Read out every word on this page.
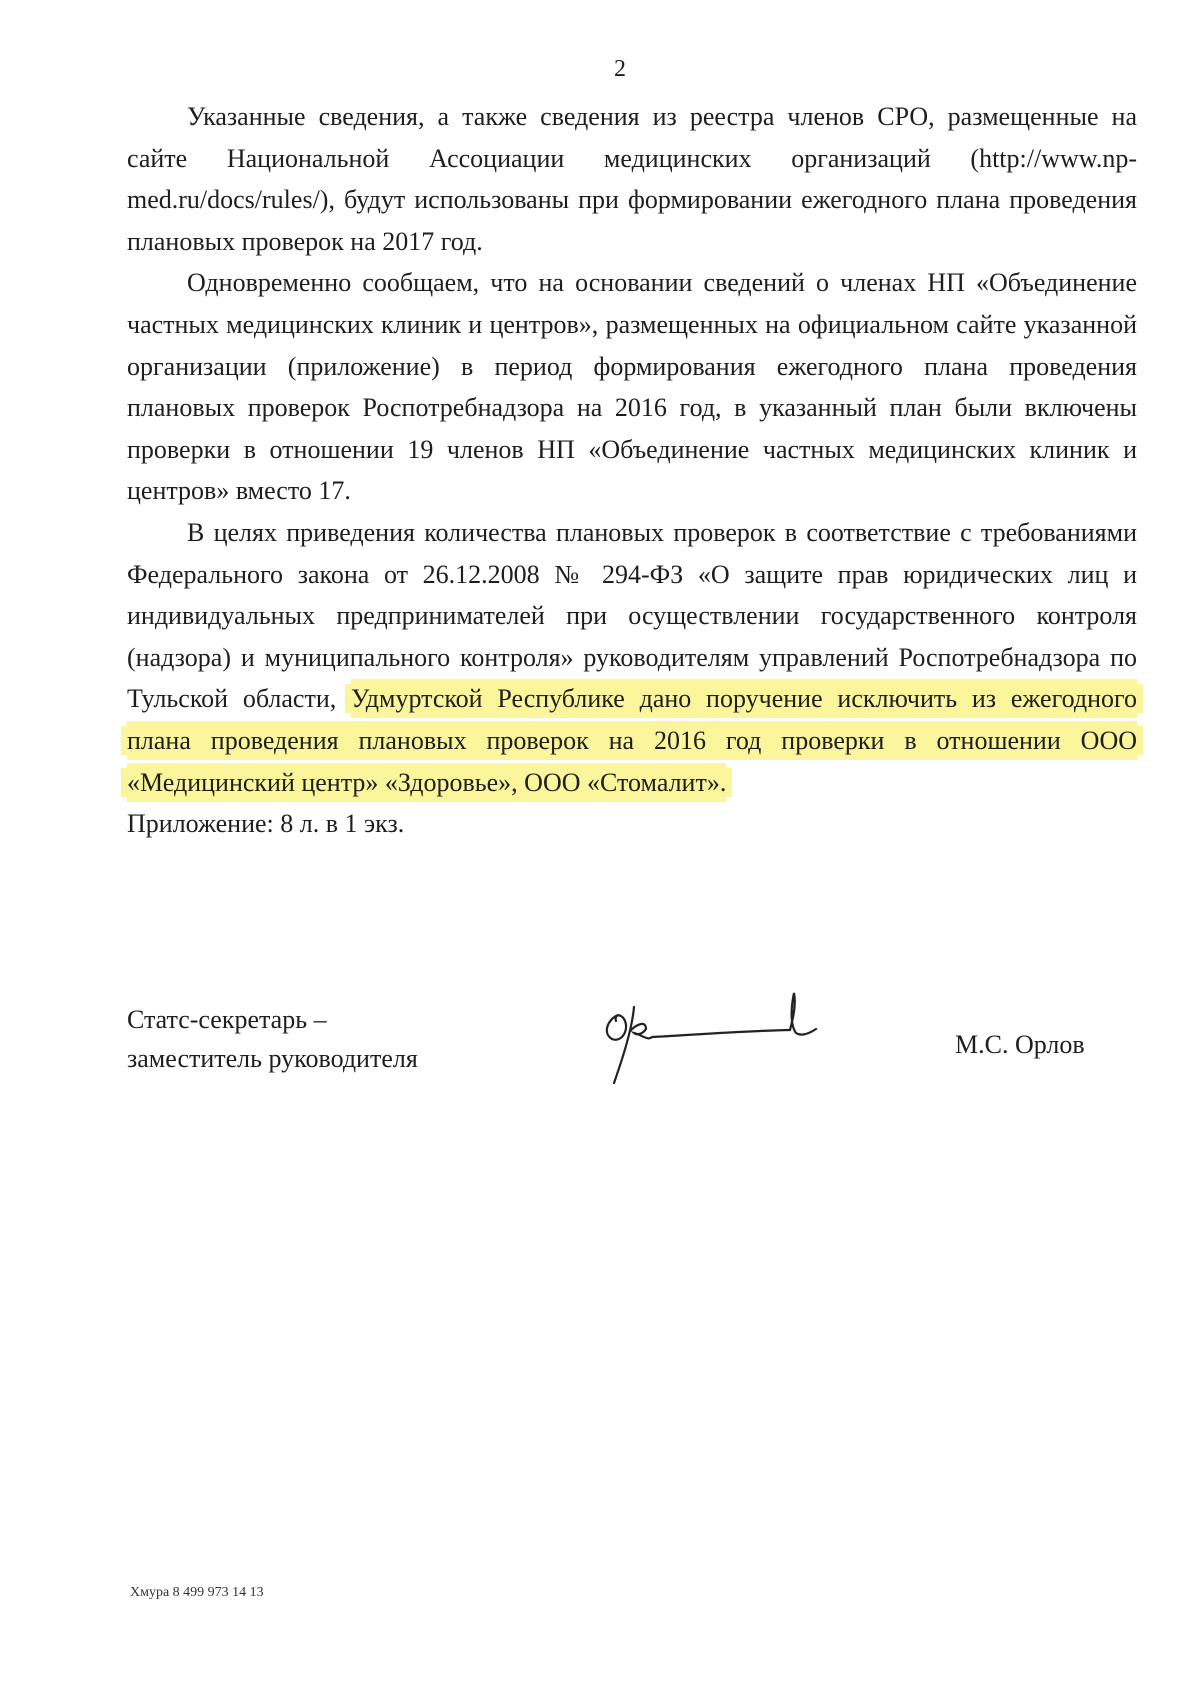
2

Указанные сведения, а также сведения из реестра членов СРО, размещенные на сайте Национальной Ассоциации медицинских организаций (http://www.np-med.ru/docs/rules/), будут использованы при формировании ежегодного плана проведения плановых проверок на 2017 год.

Одновременно сообщаем, что на основании сведений о членах НП «Объединение частных медицинских клиник и центров», размещенных на официальном сайте указанной организации (приложение) в период формирования ежегодного плана проведения плановых проверок Роспотребнадзора на 2016 год, в указанный план были включены проверки в отношении 19 членов НП «Объединение частных медицинских клиник и центров» вместо 17.

В целях приведения количества плановых проверок в соответствие с требованиями Федерального закона от 26.12.2008 № 294-ФЗ «О защите прав юридических лиц и индивидуальных предпринимателей при осуществлении государственного контроля (надзора) и муниципального контроля» руководителям управлений Роспотребнадзора по Тульской области, Удмуртской Республике дано поручение исключить из ежегодного плана проведения плановых проверок на 2016 год проверки в отношении ООО «Медицинский центр» «Здоровье», ООО «Стомалит».

Приложение: 8 л. в 1 экз.

Статс-секретарь –
заместитель руководителя	М.С. Орлов
Хмура 8 499 973 14 13
